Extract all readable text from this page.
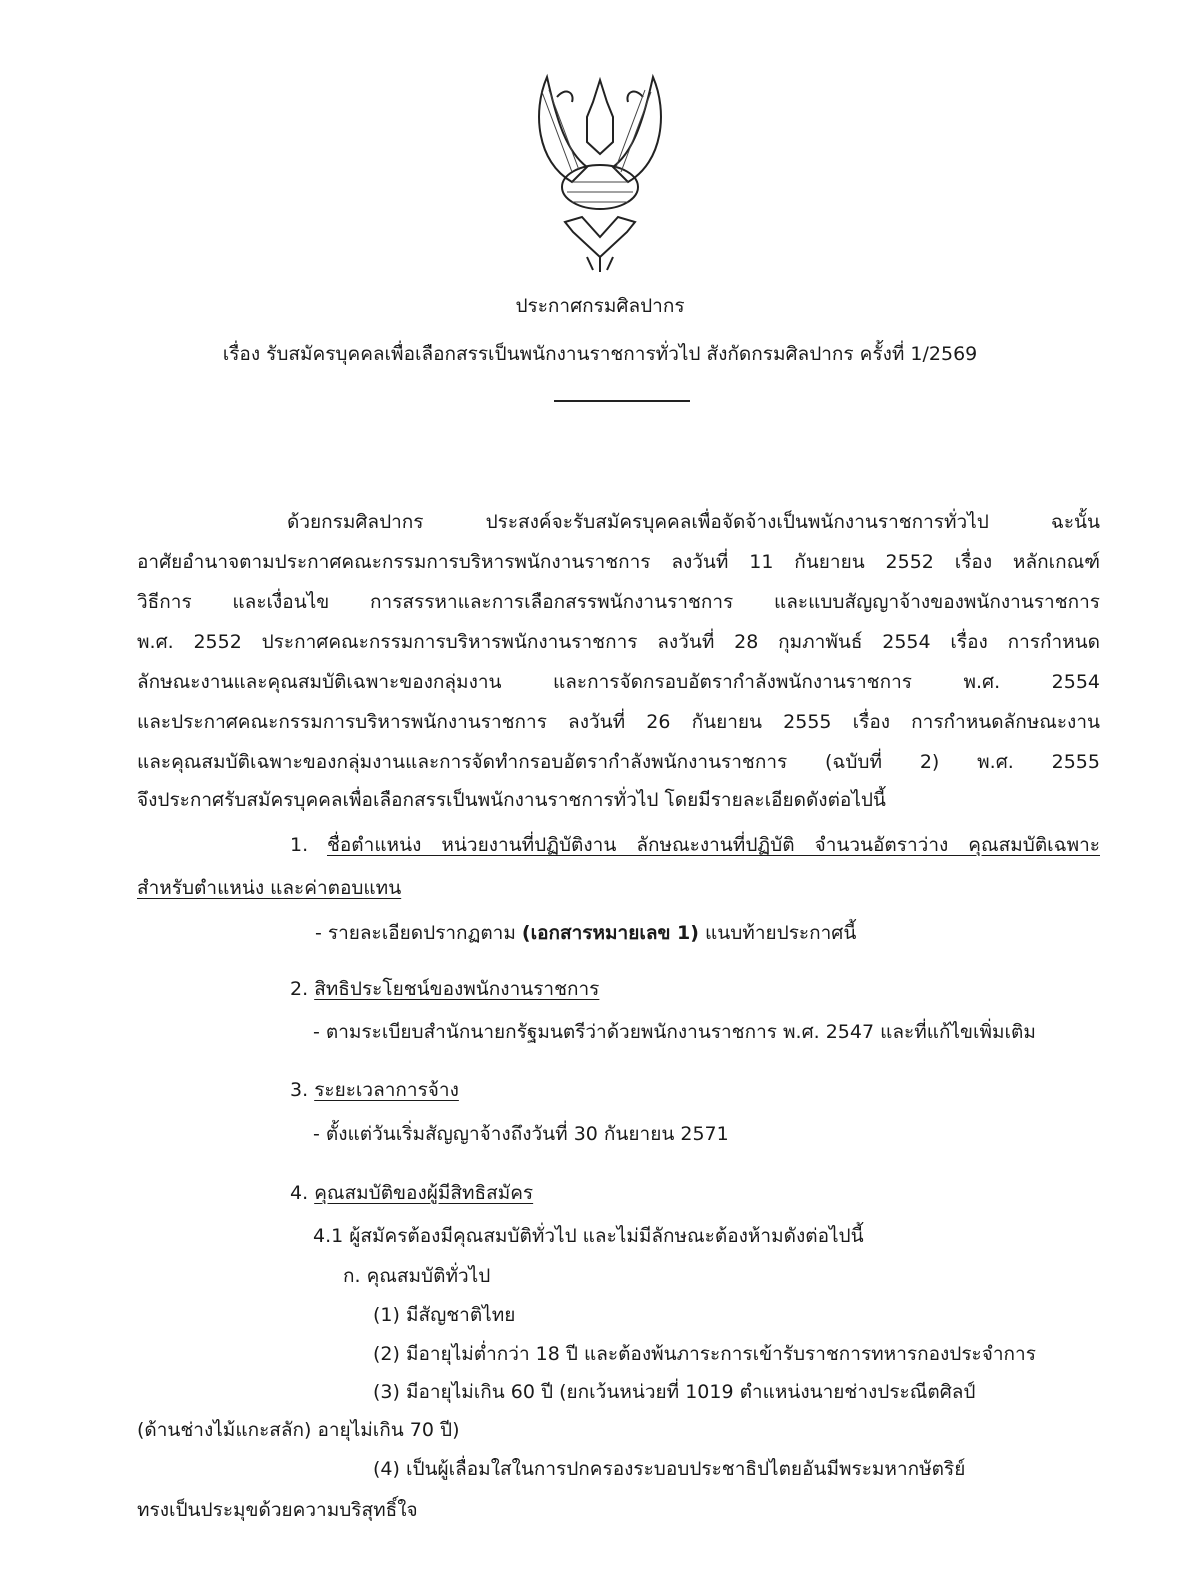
ประกาศกรมศิลปากร
เรื่อง รับสมัครบุคคลเพื่อเลือกสรรเป็นพนักงานราชการทั่วไป สังกัดกรมศิลปากร ครั้งที่ 1/2569
ด้วยกรมศิลปากร ประสงค์จะรับสมัครบุคคลเพื่อจัดจ้างเป็นพนักงานราชการทั่วไป ฉะนั้น
อาศัยอำนาจตามประกาศคณะกรรมการบริหารพนักงานราชการ ลงวันที่ 11 กันยายน 2552 เรื่อง หลักเกณฑ์
วิธีการ และเงื่อนไข การสรรหาและการเลือกสรรพนักงานราชการ และแบบสัญญาจ้างของพนักงานราชการ
พ.ศ. 2552 ประกาศคณะกรรมการบริหารพนักงานราชการ ลงวันที่ 28 กุมภาพันธ์ 2554 เรื่อง การกำหนด
ลักษณะงานและคุณสมบัติเฉพาะของกลุ่มงาน และการจัดกรอบอัตรากำลังพนักงานราชการ พ.ศ. 2554
และประกาศคณะกรรมการบริหารพนักงานราชการ ลงวันที่ 26 กันยายน 2555 เรื่อง การกำหนดลักษณะงาน
และคุณสมบัติเฉพาะของกลุ่มงานและการจัดทำกรอบอัตรากำลังพนักงานราชการ (ฉบับที่ 2) พ.ศ. 2555
จึงประกาศรับสมัครบุคคลเพื่อเลือกสรรเป็นพนักงานราชการทั่วไป โดยมีรายละเอียดดังต่อไปนี้
1. ชื่อตำแหน่ง หน่วยงานที่ปฏิบัติงาน ลักษณะงานที่ปฏิบัติ จำนวนอัตราว่าง คุณสมบัติเฉพาะ
สำหรับตำแหน่ง และค่าตอบแทน
- รายละเอียดปรากฏตาม (เอกสารหมายเลข 1) แนบท้ายประกาศนี้
2. สิทธิประโยชน์ของพนักงานราชการ
- ตามระเบียบสำนักนายกรัฐมนตรีว่าด้วยพนักงานราชการ พ.ศ. 2547 และที่แก้ไขเพิ่มเติม
3. ระยะเวลาการจ้าง
- ตั้งแต่วันเริ่มสัญญาจ้างถึงวันที่ 30 กันยายน 2571
4. คุณสมบัติของผู้มีสิทธิสมัคร
4.1 ผู้สมัครต้องมีคุณสมบัติทั่วไป และไม่มีลักษณะต้องห้ามดังต่อไปนี้
ก. คุณสมบัติทั่วไป
(1) มีสัญชาติไทย
(2) มีอายุไม่ต่ำกว่า 18 ปี และต้องพ้นภาระการเข้ารับราชการทหารกองประจำการ
(3) มีอายุไม่เกิน 60 ปี (ยกเว้นหน่วยที่ 1019 ตำแหน่งนายช่างประณีตศิลป์
(ด้านช่างไม้แกะสลัก) อายุไม่เกิน 70 ปี)
(4) เป็นผู้เลื่อมใสในการปกครองระบอบประชาธิปไตยอันมีพระมหากษัตริย์
ทรงเป็นประมุขด้วยความบริสุทธิ์ใจ
